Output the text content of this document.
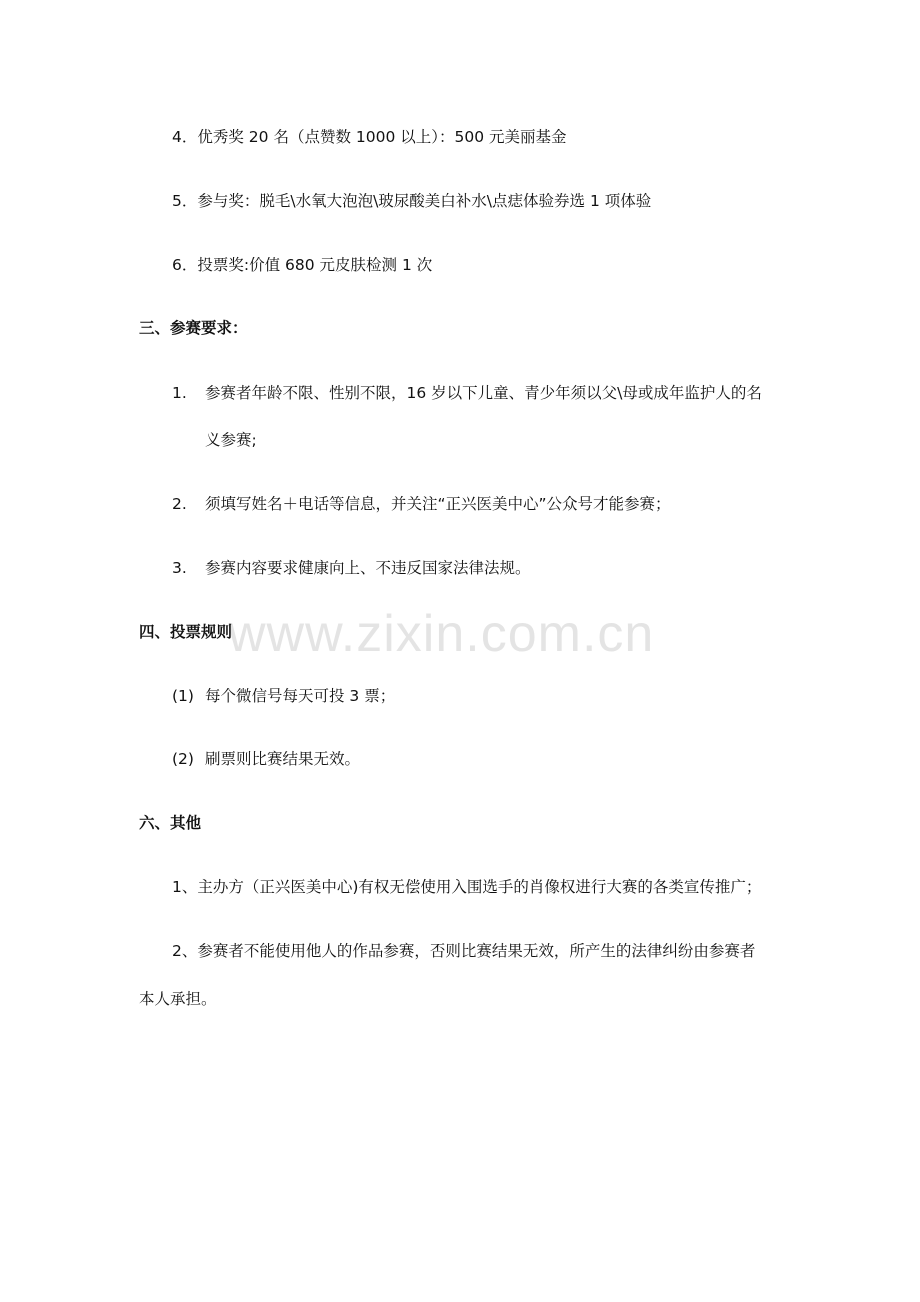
4．优秀奖 20 名（点赞数 1000 以上）：500 元美丽基金
5．参与奖：脱毛\水氧大泡泡\玻尿酸美白补水\点痣体验券选 1 项体验
6．投票奖:价值 680 元皮肤检测 1 次
三、参赛要求：
1. 参赛者年龄不限、性别不限，16 岁以下儿童、青少年须以父\母或成年监护人的名
义参赛;
2. 须填写姓名＋电话等信息，并关注“正兴医美中心”公众号才能参赛；
3. 参赛内容要求健康向上、不违反国家法律法规。
www.zixin.com.cn
四、投票规则
(1) 每个微信号每天可投 3 票；
(2) 刷票则比赛结果无效。
六、其他
1、主办方（正兴医美中心)有权无偿使用入围选手的肖像权进行大赛的各类宣传推广；
2、参赛者不能使用他人的作品参赛，否则比赛结果无效，所产生的法律纠纷由参赛者
本人承担。
